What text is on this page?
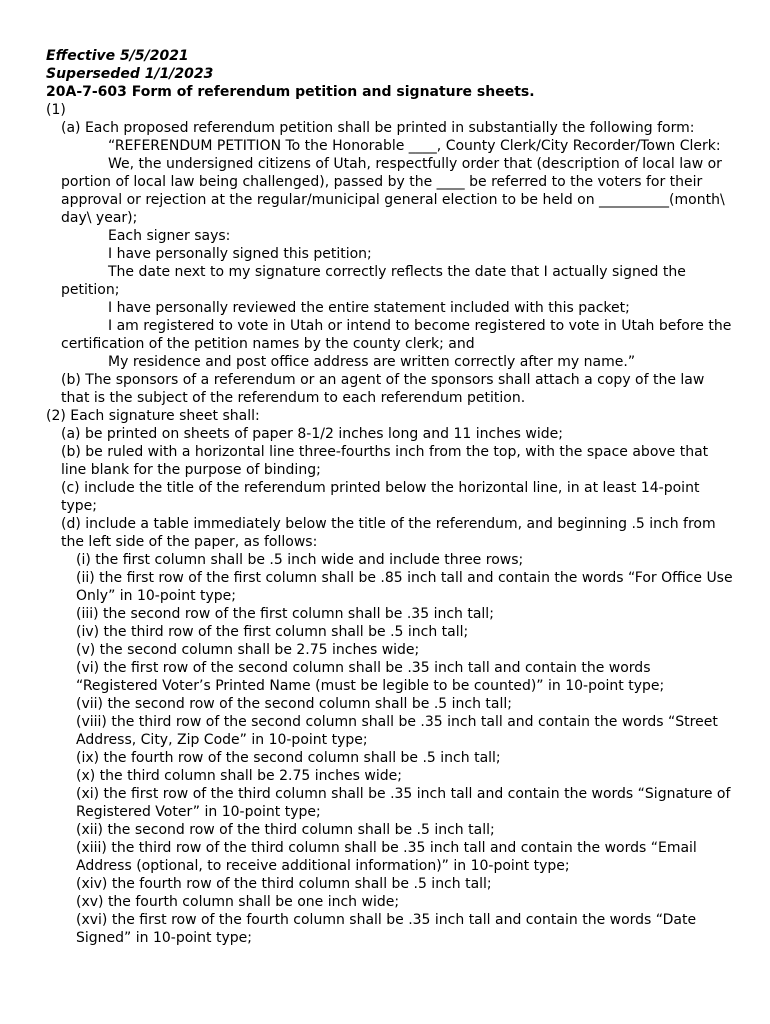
Effective 5/5/2021
Superseded 1/1/2023
20A-7-603 Form of referendum petition and signature sheets.
(1)
(a) Each proposed referendum petition shall be printed in substantially the following form:
“REFERENDUM PETITION To the Honorable ____, County Clerk/City Recorder/Town Clerk:
We, the undersigned citizens of Utah, respectfully order that (description of local law or portion of local law being challenged), passed by the ____ be referred to the voters for their approval or rejection at the regular/municipal general election to be held on __________(month\ day\ year);
Each signer says:
I have personally signed this petition;
The date next to my signature correctly reflects the date that I actually signed the petition;
I have personally reviewed the entire statement included with this packet;
I am registered to vote in Utah or intend to become registered to vote in Utah before the certification of the petition names by the county clerk; and
My residence and post office address are written correctly after my name.”
(b) The sponsors of a referendum or an agent of the sponsors shall attach a copy of the law that is the subject of the referendum to each referendum petition.
(2) Each signature sheet shall:
(a) be printed on sheets of paper 8-1/2 inches long and 11 inches wide;
(b) be ruled with a horizontal line three-fourths inch from the top, with the space above that line blank for the purpose of binding;
(c) include the title of the referendum printed below the horizontal line, in at least 14-point type;
(d) include a table immediately below the title of the referendum, and beginning .5 inch from the left side of the paper, as follows:
(i) the first column shall be .5 inch wide and include three rows;
(ii) the first row of the first column shall be .85 inch tall and contain the words “For Office Use Only” in 10-point type;
(iii) the second row of the first column shall be .35 inch tall;
(iv) the third row of the first column shall be .5 inch tall;
(v) the second column shall be 2.75 inches wide;
(vi) the first row of the second column shall be .35 inch tall and contain the words “Registered Voter’s Printed Name (must be legible to be counted)” in 10-point type;
(vii) the second row of the second column shall be .5 inch tall;
(viii) the third row of the second column shall be .35 inch tall and contain the words “Street Address, City, Zip Code” in 10-point type;
(ix) the fourth row of the second column shall be .5 inch tall;
(x) the third column shall be 2.75 inches wide;
(xi) the first row of the third column shall be .35 inch tall and contain the words “Signature of Registered Voter” in 10-point type;
(xii) the second row of the third column shall be .5 inch tall;
(xiii) the third row of the third column shall be .35 inch tall and contain the words “Email Address (optional, to receive additional information)” in 10-point type;
(xiv) the fourth row of the third column shall be .5 inch tall;
(xv) the fourth column shall be one inch wide;
(xvi) the first row of the fourth column shall be .35 inch tall and contain the words “Date Signed” in 10-point type;
